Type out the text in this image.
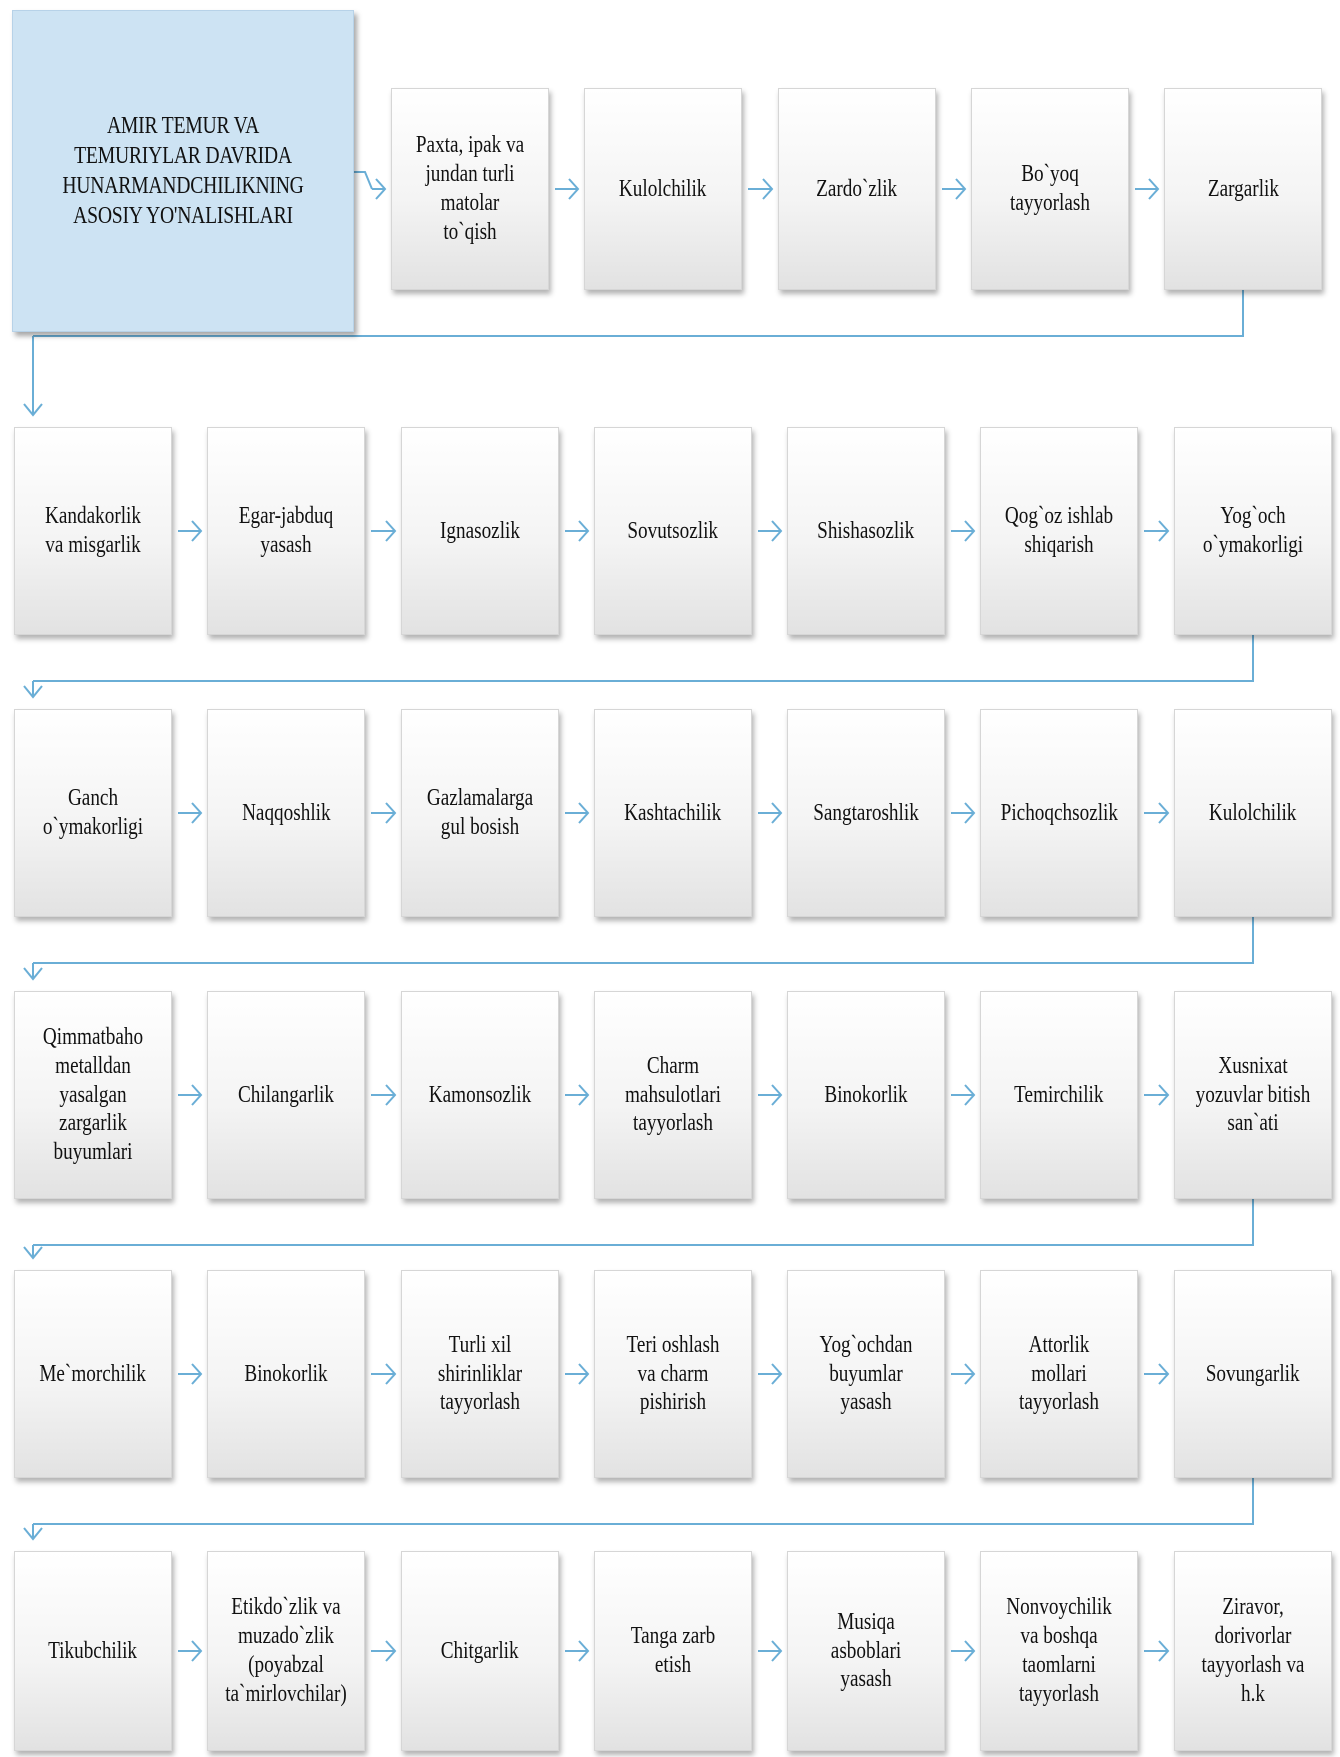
AMIR TEMUR VA TEMURIYLAR DAVRIDA HUNARMANDCHILIKNING ASOSIY YO'NALISHLARI
Paxta, ipak va jundan turli matolar to`qish
Kulolchilik	Zardo`zlik
Bo`yoq tayyorlash
Zargarlik
Kandakorlik va misgarlik
Egar-jabduq yasash
Ignasozlik	Sovutsozlik	Shishasozlik
Qog`oz ishlab shiqarish
Yog`och o`ymakorligi
Ganch o`ymakorligi
Naqqoshlik
Gazlamalarga gul bosish
Kashtachilik	Sangtaroshlik	Pichoqchsozlik	Kulolchilik
Qimmatbaho metalldan yasalgan zargarlik buyumlari
Chilangarlik	Kamonsozlik
Charm mahsulotlari tayyorlash
Binokorlik	Temirchilik
Xusnixat yozuvlar bitish san`ati
Me`morchilik	Binokorlik
Turli xil shirinliklar tayyorlash
Teri oshlash va charm pishirish
Yog`ochdan buyumlar yasash
Attorlik mollari tayyorlash
Sovungarlik
Tikubchilik
Etikdo`zlik va muzado`zlik (poyabzal ta`mirlovchilar)
Chitgarlik
Tanga zarb etish
Musiqa asboblari yasash
Nonvoychilik va boshqa taomlarni tayyorlash
Ziravor, dorivorlar tayyorlash va h.k
